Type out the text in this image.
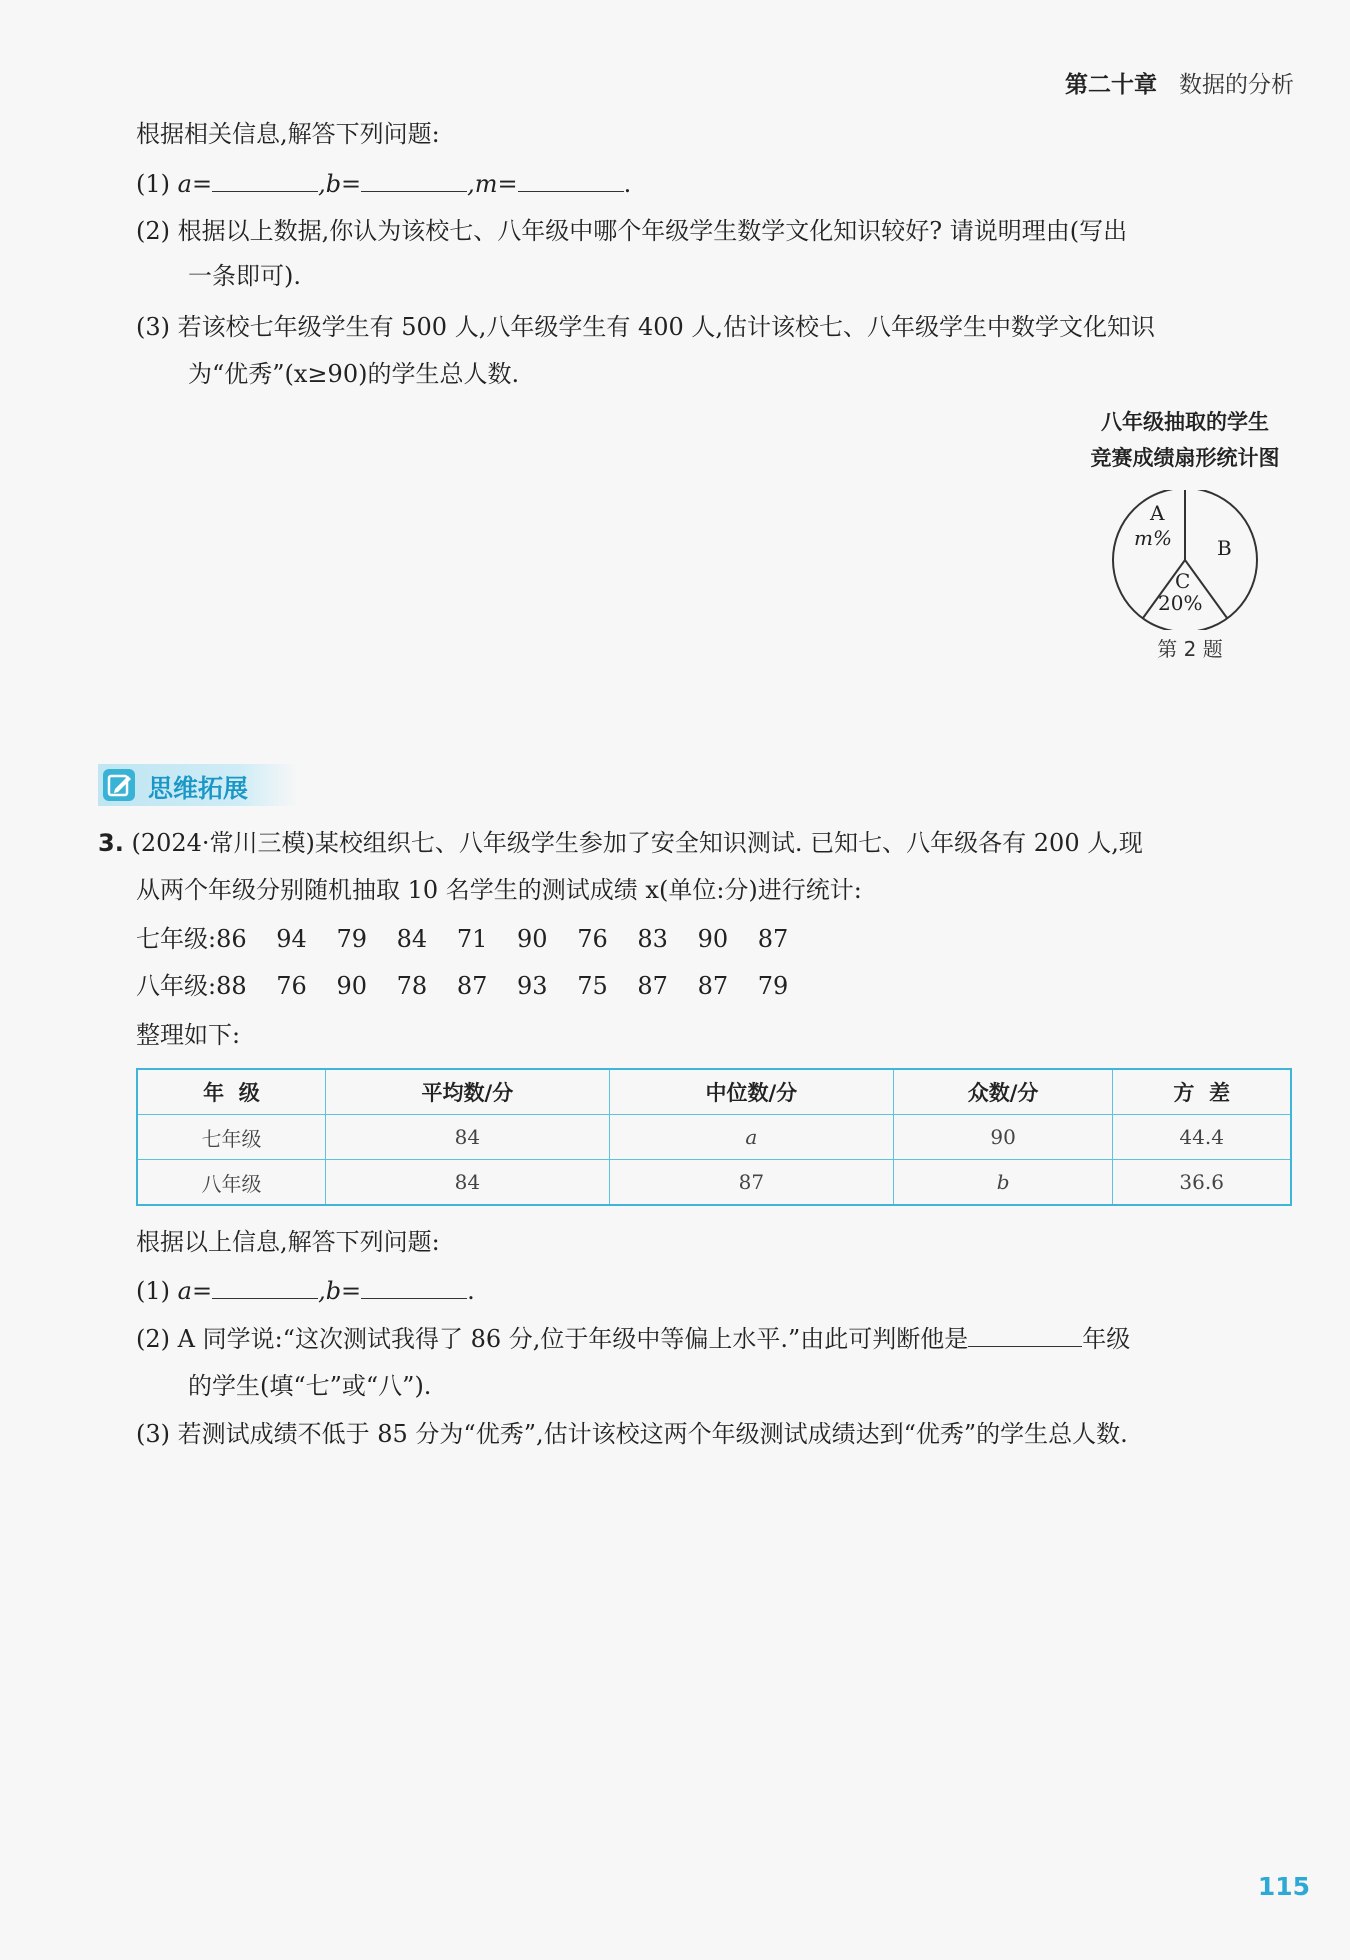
第二十章 数据的分析
根据相关信息,解答下列问题:
(1) a=	,b=	,m=	.
(2) 根据以上数据,你认为该校七、八年级中哪个年级学生数学文化知识较好? 请说明理由(写出
一条即可).
(3) 若该校七年级学生有 500 人,八年级学生有 400 人,估计该校七、八年级学生中数学文化知识
为“优秀”(x≥90)的学生总人数.
八年级抽取的学生
竞赛成绩扇形统计图
A
m% B
C
20%
第 2 题
思维拓展
3. (2024·常川三模)某校组织七、八年级学生参加了安全知识测试. 已知七、八年级各有 200 人,现
从两个年级分别随机抽取 10 名学生的测试成绩 x(单位:分)进行统计:
七年级:86 94 79 84 71 90 76 83 90 87
八年级:88 76 90 78 87 93 75 87 87 79
整理如下:
年  级	平均数/分	中位数/分	众数/分	方  差
七年级	84	a	90	44.4
八年级	84	87	b	36.6
根据以上信息,解答下列问题:
(1) a=	,b=	.
(2) A 同学说:“这次测试我得了 86 分,位于年级中等偏上水平.”由此可判断他是	年级
的学生(填“七”或“八”).
(3) 若测试成绩不低于 85 分为“优秀”,估计该校这两个年级测试成绩达到“优秀”的学生总人数.
115
